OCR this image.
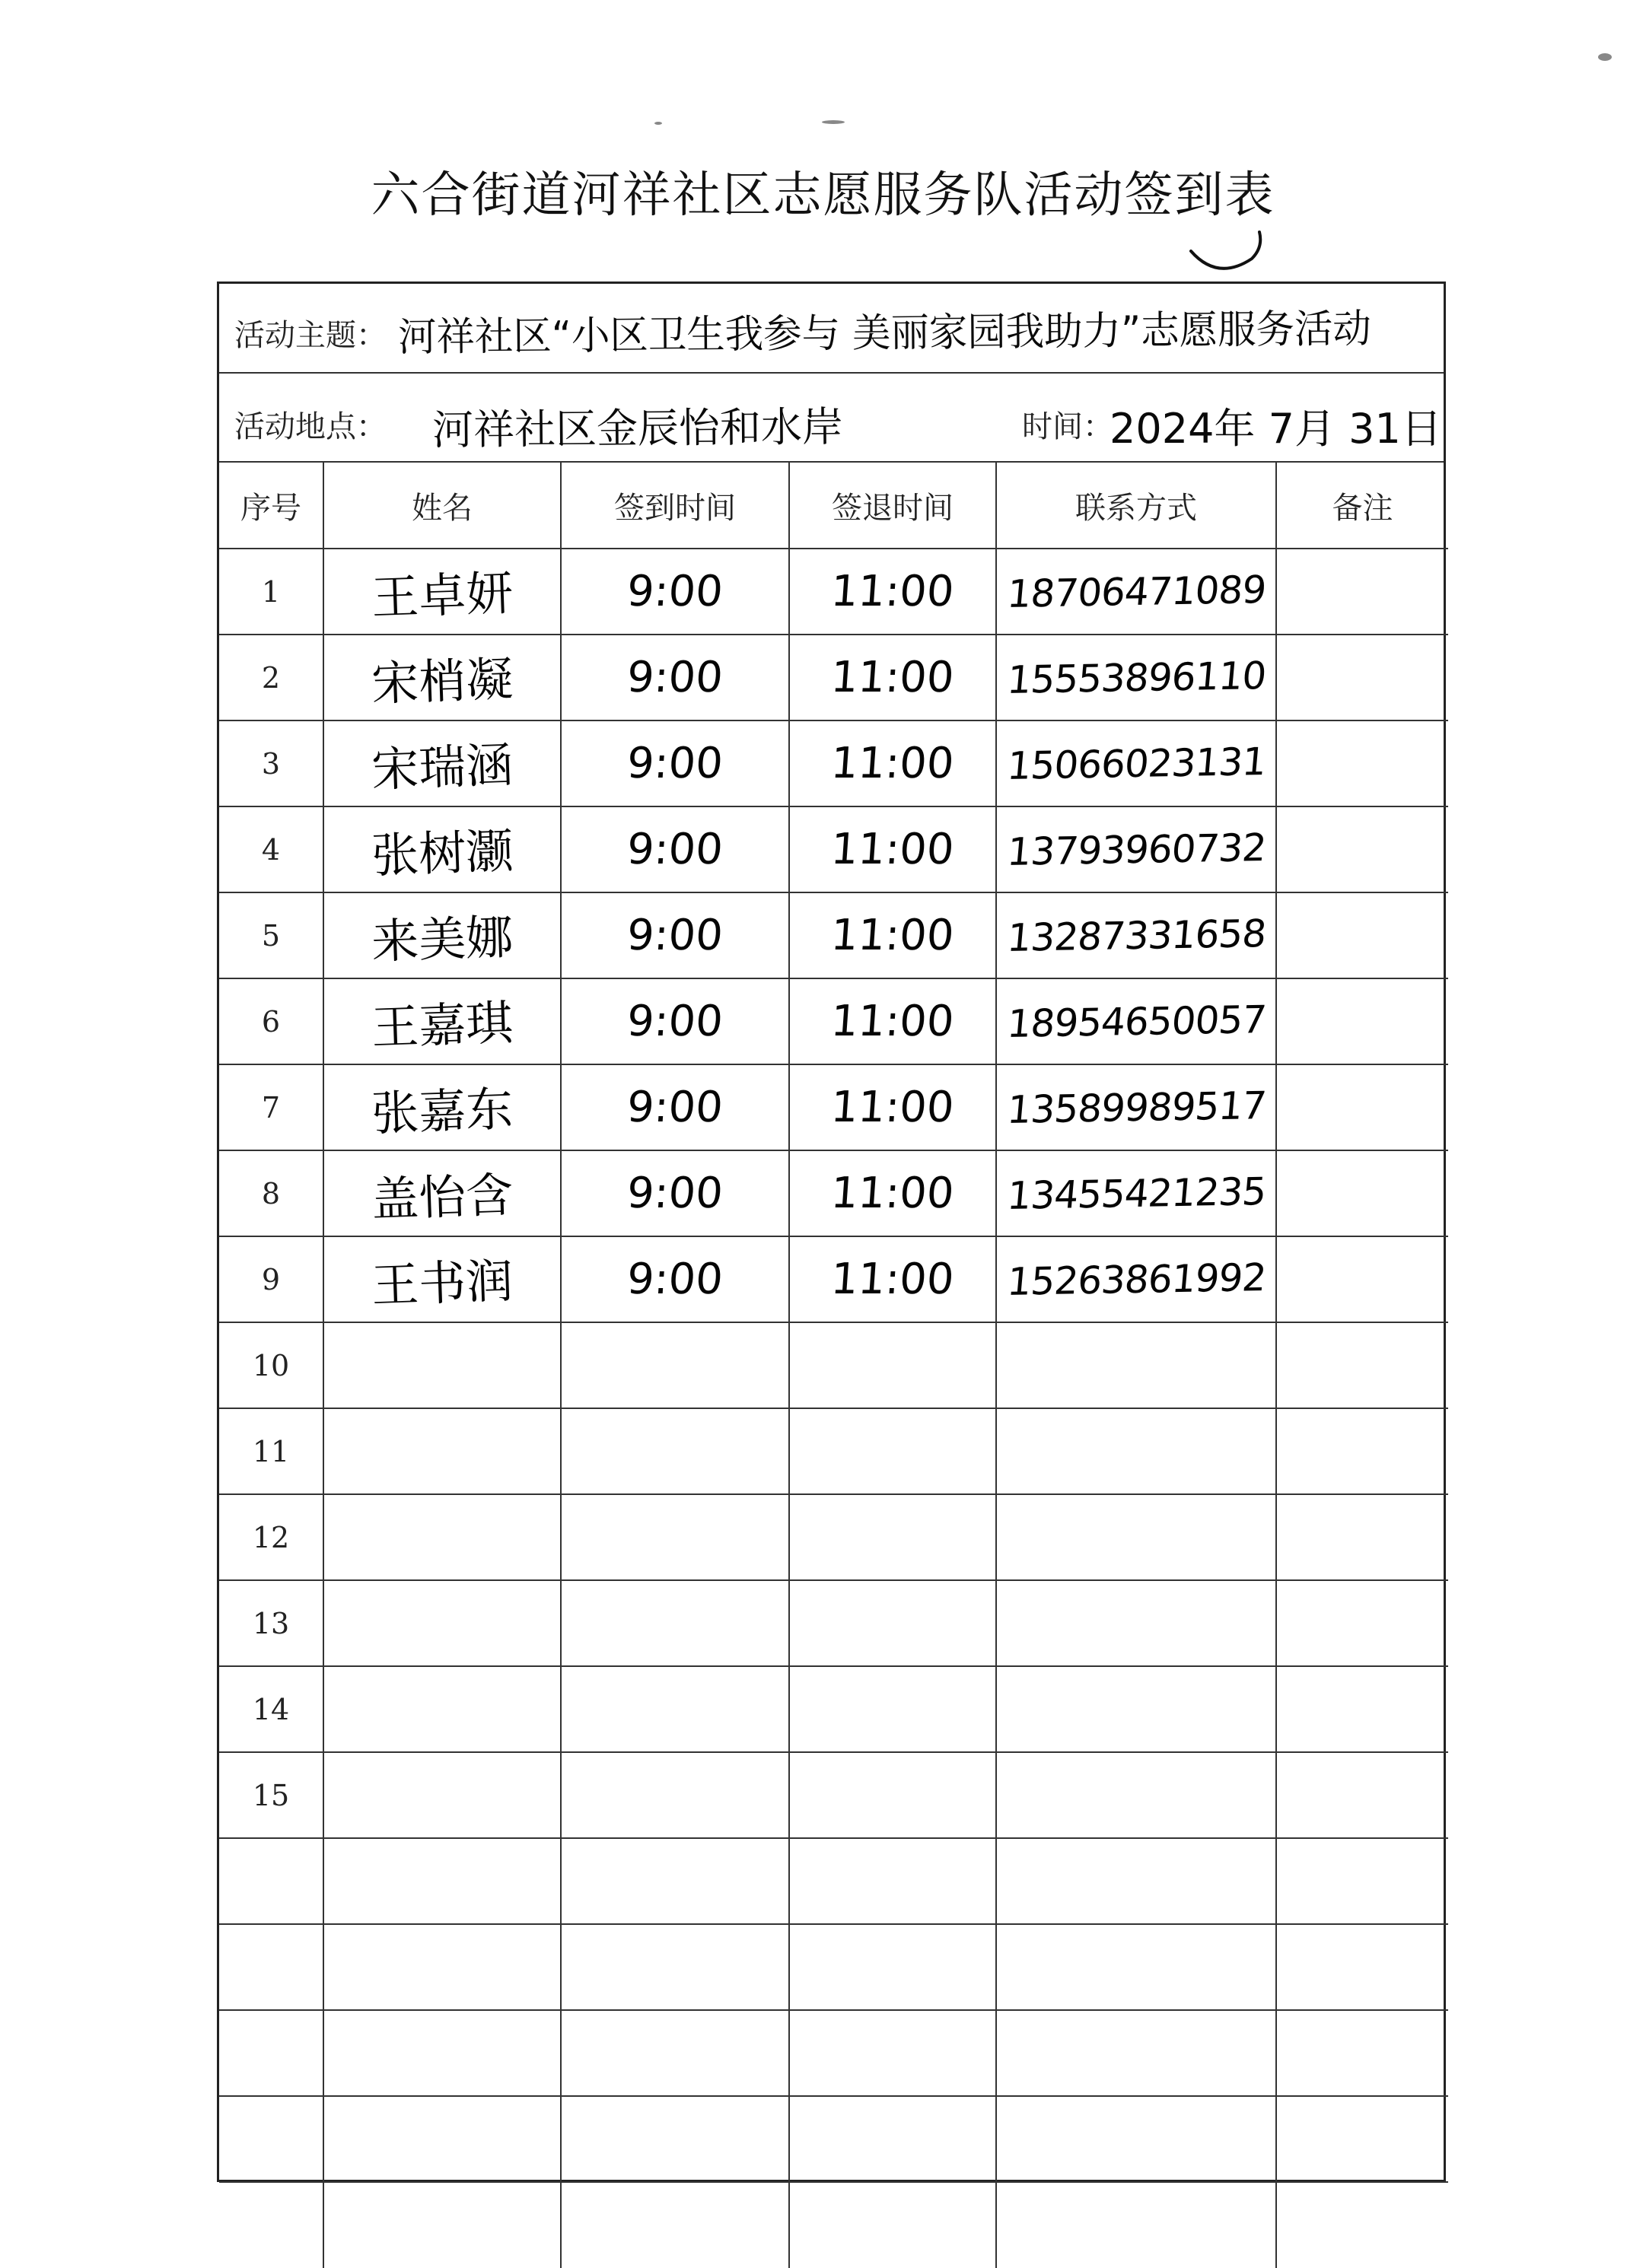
六合街道河祥社区志愿服务队活动签到表
活动主题： 河祥社区“小区卫生我参与 美丽家园我助力”志愿服务活动
活动地点： 河祥社区金辰怡和水岸	时间：
2024年 7月 31日
序号	姓名	签到时间	签退时间	联系方式	备注
1	王卓妍	9:00	11:00	18706471089	
2	宋梢凝	9:00	11:00	15553896110	
3	宋瑞涵	9:00	11:00	15066023131	
4	张树灏	9:00	11:00	13793960732	
5	来美娜	9:00	11:00	13287331658	
6	王嘉琪	9:00	11:00	18954650057	
7	张嘉东	9:00	11:00	13589989517	
8	盖怡含	9:00	11:00	13455421235	
9	王书润	9:00	11:00	15263861992	
10					
11					
12					
13					
14					
15					
